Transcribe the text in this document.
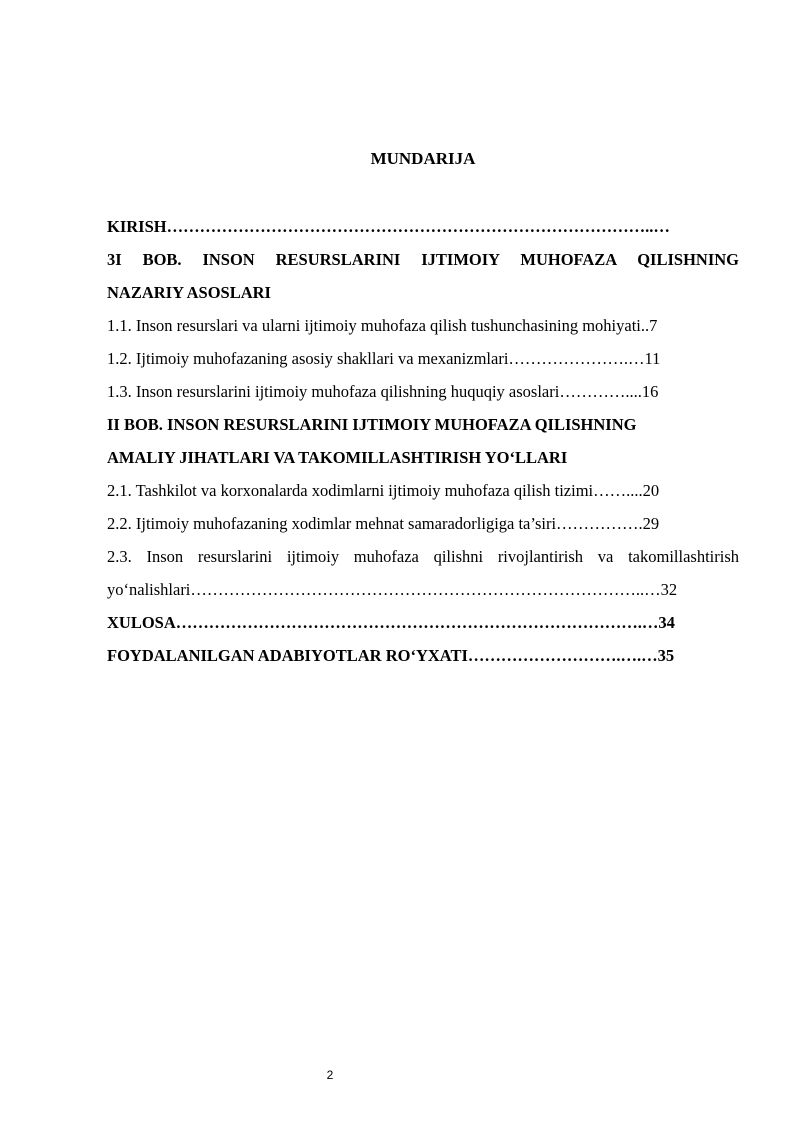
MUNDARIJA
KIRISH……………………………………………………………………………..…
3I BOB. INSON RESURSLARINI IJTIMOIY MUHOFAZA QILISHNING
NAZARIY ASOSLARI
1.1. Inson resurslari va ularni ijtimoiy muhofaza qilish tushunchasining mohiyati..7
1.2. Ijtimoiy muhofazaning asosiy shakllari va mexanizmlari………………….…11
1.3. Inson resurslarini ijtimoiy muhofaza qilishning huquqiy asoslari…………....16
II BOB. INSON RESURSLARINI IJTIMOIY MUHOFAZA QILISHNING
AMALIY JIHATLARI VA TAKOMILLASHTIRISH YO‘LLARI
2.1. Tashkilot va korxonalarda xodimlarni ijtimoiy muhofaza qilish tizimi……....20
2.2. Ijtimoiy muhofazaning xodimlar mehnat samaradorligiga ta’siri…………….29
2.3. Inson resurslarini ijtimoiy muhofaza qilishni rivojlantirish va takomillashtirish
yo‘nalishlari………………………………………………………………………..…32
XULOSA………………………………………………………………………….…34
FOYDALANILGAN ADABIYOTLAR RO‘YXATI……………………….….…35
2
